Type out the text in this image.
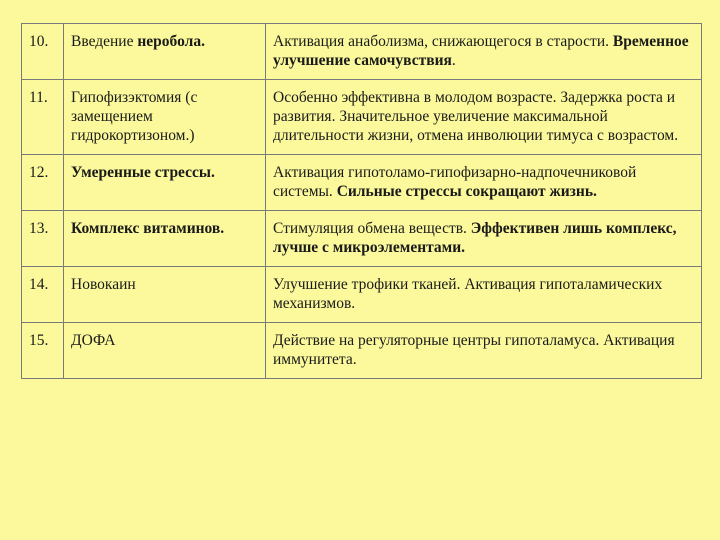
10.	Введение неробола.	Активация анаболизма, снижающегося в старости. Временное улучшение самочувствия.
11.	Гипофизэктомия (с замещением гидрокортизоном.)	Особенно эффективна в молодом возрасте. Задержка роста и развития. Значительное увеличение максимальной длительности жизни, отмена инволюции тимуса с возрастом.
12.	Умеренные стрессы.	Активация гипотоламо-гипофизарно-надпочечниковой системы. Сильные стрессы сокращают жизнь.
13.	Комплекс витаминов.	Стимуляция обмена веществ. Эффективен лишь комплекс, лучше с микроэлементами.
14.	Новокаин	Улучшение трофики тканей. Активация гипоталамических механизмов.
15.	ДОФА	Действие на регуляторные центры гипоталамуса. Активация иммунитета.
